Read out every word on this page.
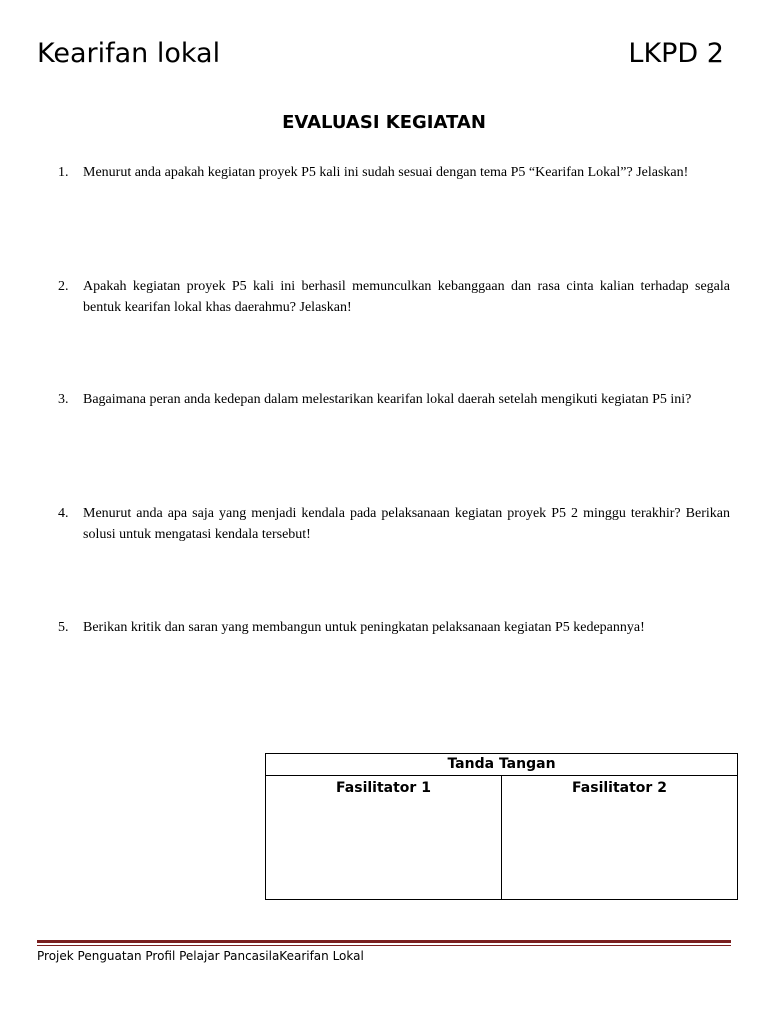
Kearifan lokal	LKPD 2
EVALUASI KEGIATAN
1.	Menurut anda apakah kegiatan proyek P5 kali ini sudah sesuai dengan tema P5 “Kearifan Lokal”? Jelaskan!
2.	Apakah kegiatan proyek P5 kali ini berhasil memunculkan kebanggaan dan rasa cinta kalian terhadap segala bentuk kearifan lokal khas daerahmu? Jelaskan!
3.	Bagaimana peran anda kedepan dalam melestarikan kearifan lokal daerah setelah mengikuti kegiatan P5 ini?
4.	Menurut anda apa saja yang menjadi kendala pada pelaksanaan kegiatan proyek P5 2 minggu terakhir? Berikan solusi untuk mengatasi kendala tersebut!
5.	Berikan kritik dan saran yang membangun untuk peningkatan pelaksanaan kegiatan P5 kedepannya!
Tanda Tangan
Fasilitator 1	Fasilitator 2
Projek Penguatan Profil Pelajar PancasilaKearifan Lokal
